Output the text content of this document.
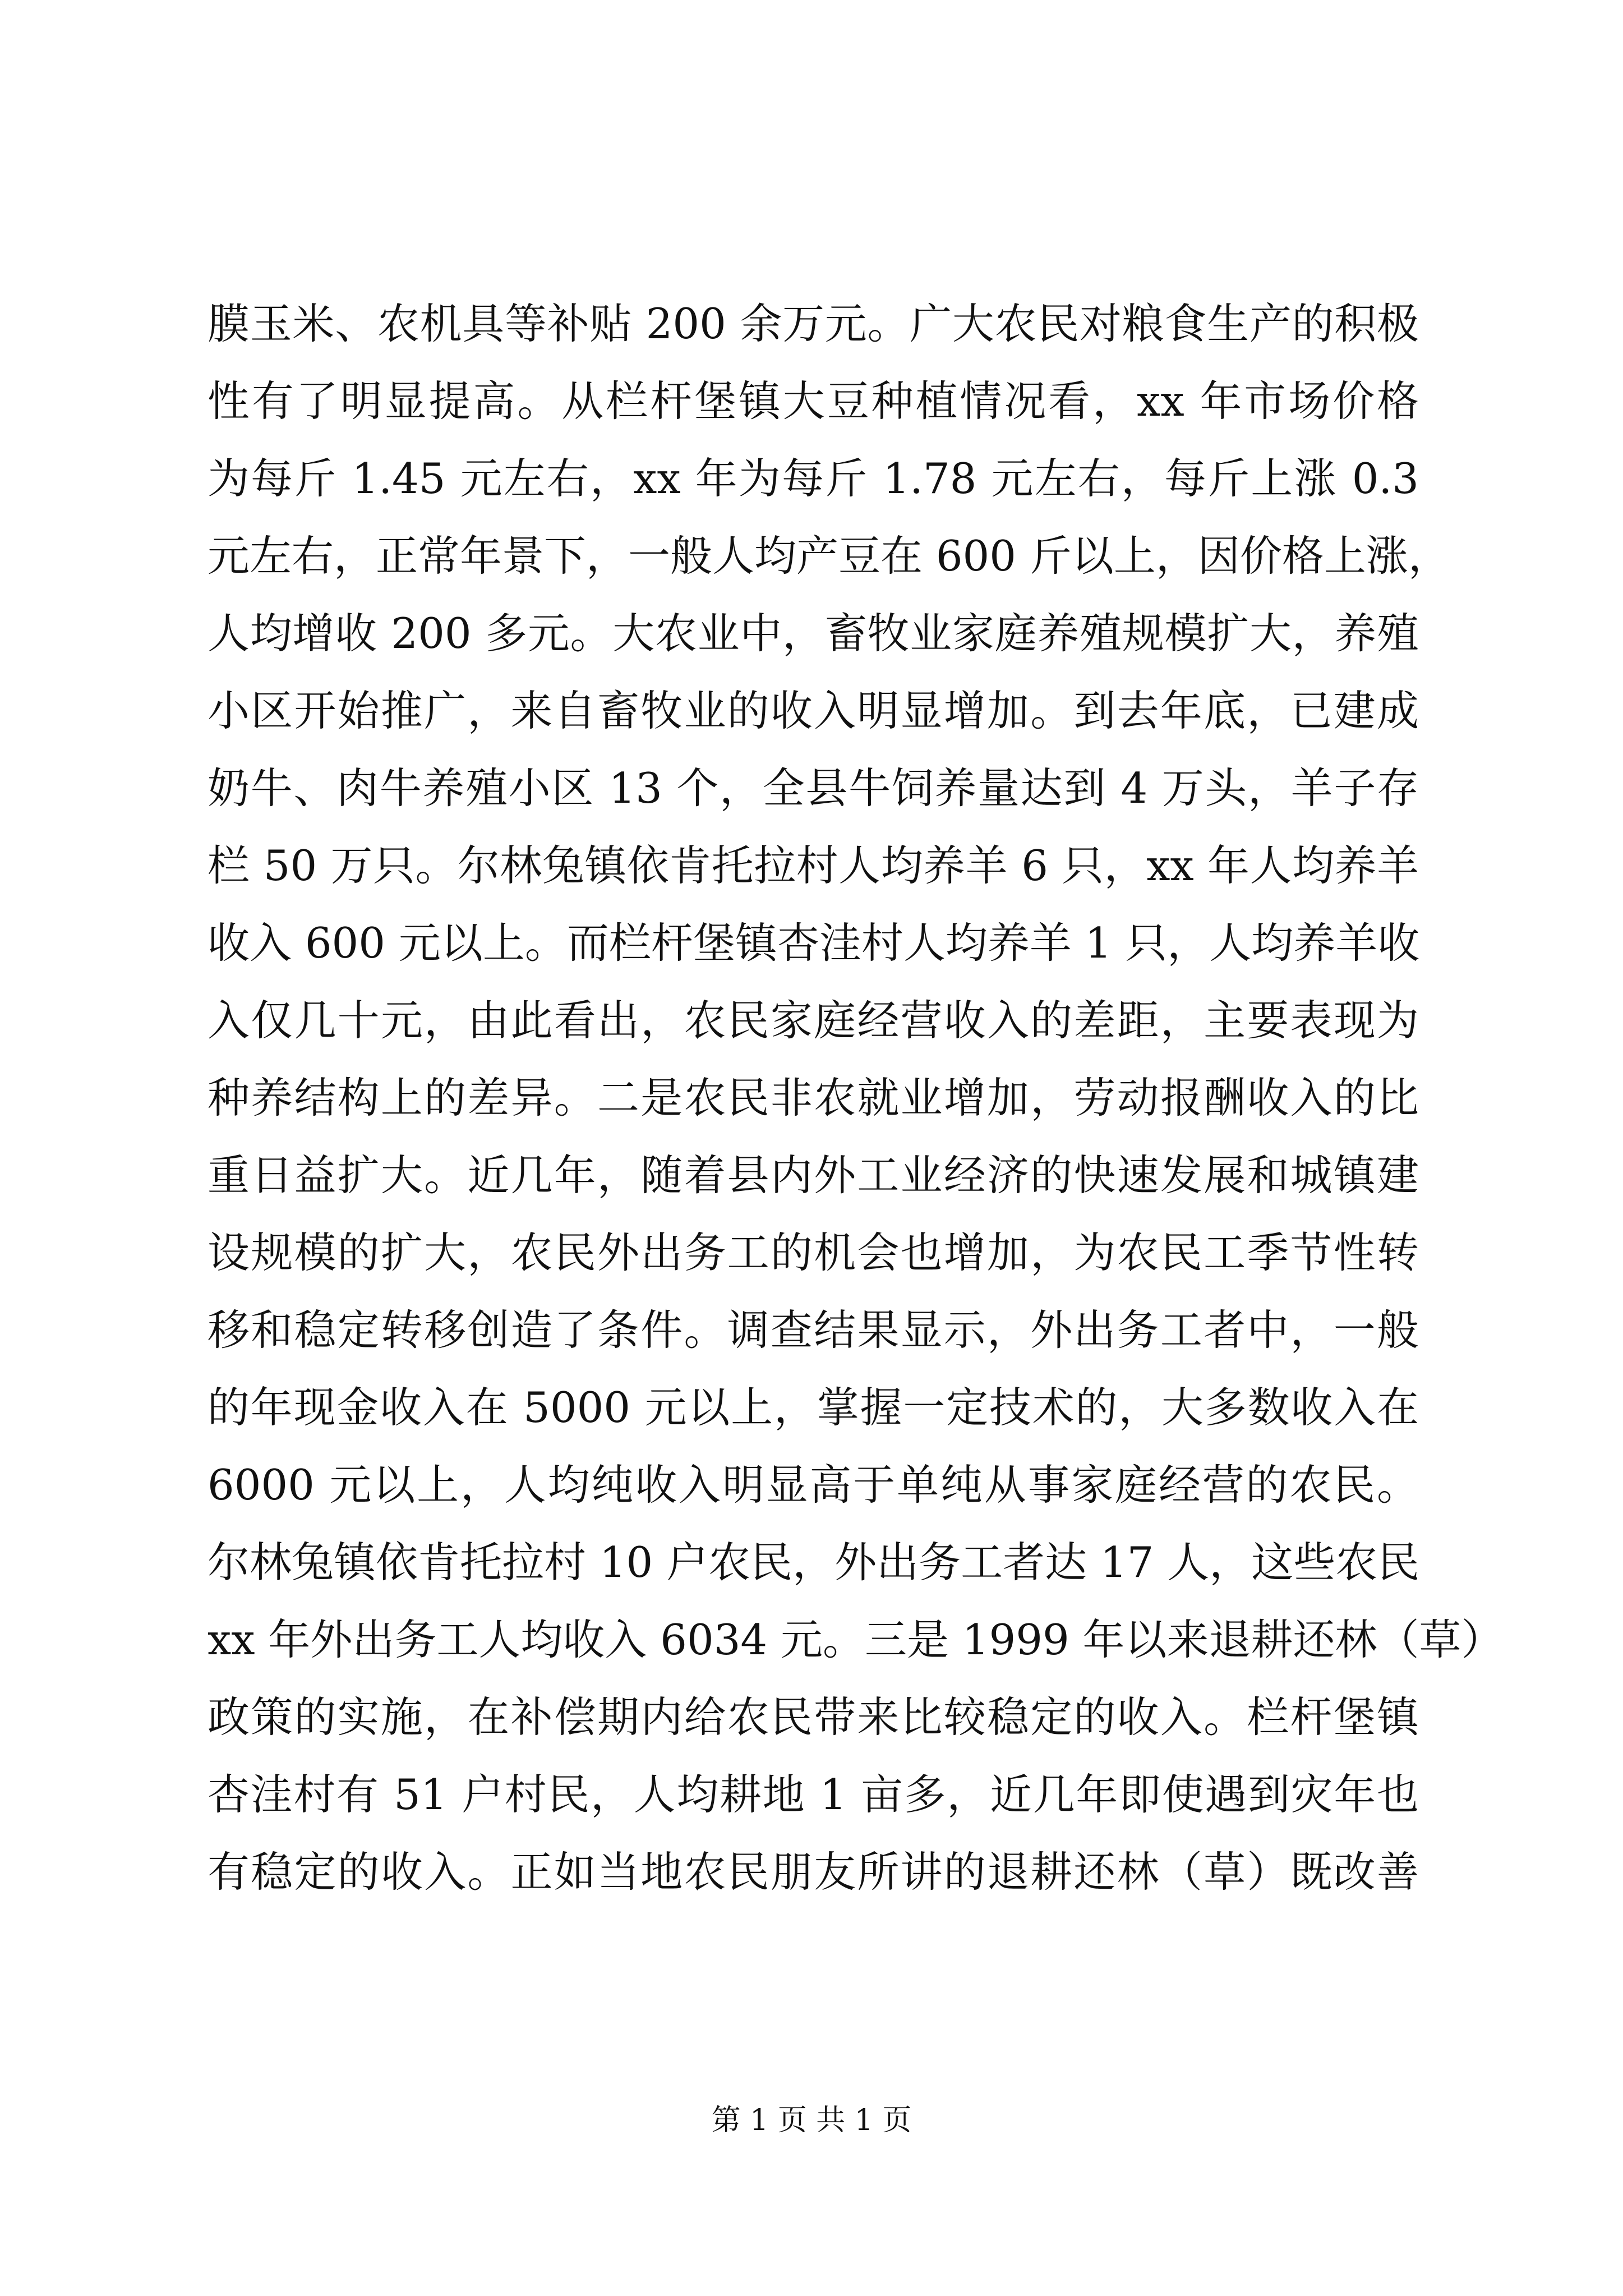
膜玉米、农机具等补贴 200 余万元。广大农民对粮食生产的积极
性有了明显提高。从栏杆堡镇大豆种植情况看，xx 年市场价格
为每斤 1.45 元左右，xx 年为每斤 1.78 元左右，每斤上涨 0.3
元左右，正常年景下，一般人均产豆在 600 斤以上，因价格上涨，
人均增收 200 多元。大农业中，畜牧业家庭养殖规模扩大，养殖
小区开始推广，来自畜牧业的收入明显增加。到去年底，已建成
奶牛、肉牛养殖小区 13 个，全县牛饲养量达到 4 万头，羊子存
栏 50 万只。尔林兔镇依肯托拉村人均养羊 6 只，xx 年人均养羊
收入 600 元以上。而栏杆堡镇杏洼村人均养羊 1 只，人均养羊收
入仅几十元，由此看出，农民家庭经营收入的差距，主要表现为
种养结构上的差异。二是农民非农就业增加，劳动报酬收入的比
重日益扩大。近几年，随着县内外工业经济的快速发展和城镇建
设规模的扩大，农民外出务工的机会也增加，为农民工季节性转
移和稳定转移创造了条件。调查结果显示，外出务工者中，一般
的年现金收入在 5000 元以上，掌握一定技术的，大多数收入在
6000 元以上，人均纯收入明显高于单纯从事家庭经营的农民。
尔林兔镇依肯托拉村 10 户农民，外出务工者达 17 人，这些农民
xx 年外出务工人均收入 6034 元。三是 1999 年以来退耕还林（草）
政策的实施，在补偿期内给农民带来比较稳定的收入。栏杆堡镇
杏洼村有 51 户村民，人均耕地 1 亩多，近几年即使遇到灾年也
有稳定的收入。正如当地农民朋友所讲的退耕还林（草）既改善
第 1 页 共 1 页
